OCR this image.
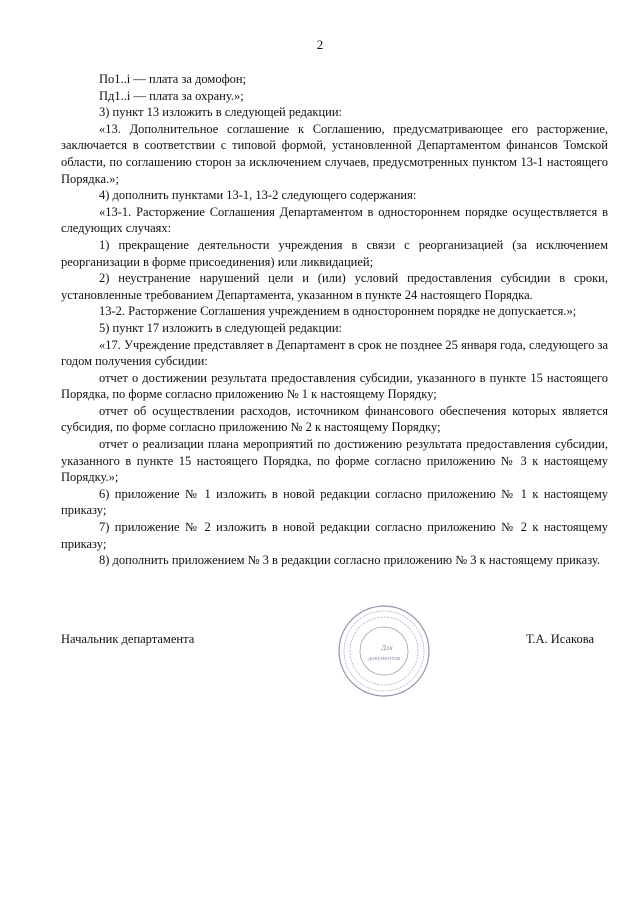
2

По1..i — плата за домофон;

Пд1..i — плата за охрану.»;

3) пункт 13 изложить в следующей редакции:

«13. Дополнительное соглашение к Соглашению, предусматривающее его расторжение, заключается в соответствии с типовой формой, установленной Департаментом финансов Томской области, по соглашению сторон за исключением случаев, предусмотренных пунктом 13-1 настоящего Порядка.»;

4) дополнить пунктами 13-1, 13-2 следующего содержания:

«13-1. Расторжение Соглашения Департаментом в одностороннем порядке осуществляется в следующих случаях:

1) прекращение деятельности учреждения в связи с реорганизацией (за исключением реорганизации в форме присоединения) или ликвидацией;

2) неустранение нарушений цели и (или) условий предоставления субсидии в сроки, установленные требованием Департамента, указанном в пункте 24 настоящего Порядка.

13-2. Расторжение Соглашения учреждением в одностороннем порядке не допускается.»;

5) пункт 17 изложить в следующей редакции:

«17. Учреждение представляет в Департамент в срок не позднее 25 января года, следующего за годом получения субсидии:

отчет о достижении результата предоставления субсидии, указанного в пункте 15 настоящего Порядка, по форме согласно приложению № 1 к настоящему Порядку;

отчет об осуществлении расходов, источником финансового обеспечения которых является субсидия, по форме согласно приложению № 2 к настоящему Порядку;

отчет о реализации плана мероприятий по достижению результата предоставления субсидии, указанного в пункте 15 настоящего Порядка, по форме согласно приложению № 3 к настоящему Порядку.»;

6) приложение № 1 изложить в новой редакции согласно приложению № 1 к настоящему приказу;

7) приложение № 2 изложить в новой редакции согласно приложению № 2 к настоящему приказу;

8) дополнить приложением № 3 в редакции согласно приложению № 3 к настоящему приказу.

Начальник департамента
Для
документов
Т.А. Исакова
